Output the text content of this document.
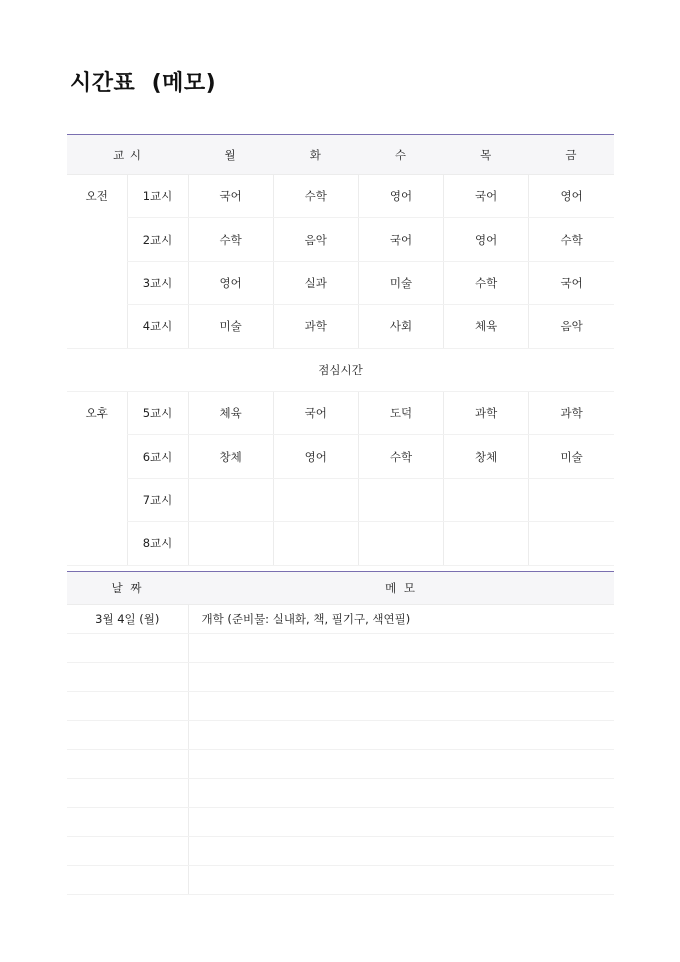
시간표  (메모)
교 시		월	화	수	목	금
오전	1교시	국어	수학	영어	국어	영어
	2교시	수학	음악	국어	영어	수학
	3교시	영어	실과	미술	수학	국어
	4교시	미술	과학	사회	체육	음악
점심시간						
오후	5교시	체육	국어	도덕	과학	과학
	6교시	창체	영어	수학	창체	미술
	7교시					
	8교시					
날 짜	메 모
3월 4일 (월)	개학 (준비물: 실내화, 책, 필기구, 색연필)
